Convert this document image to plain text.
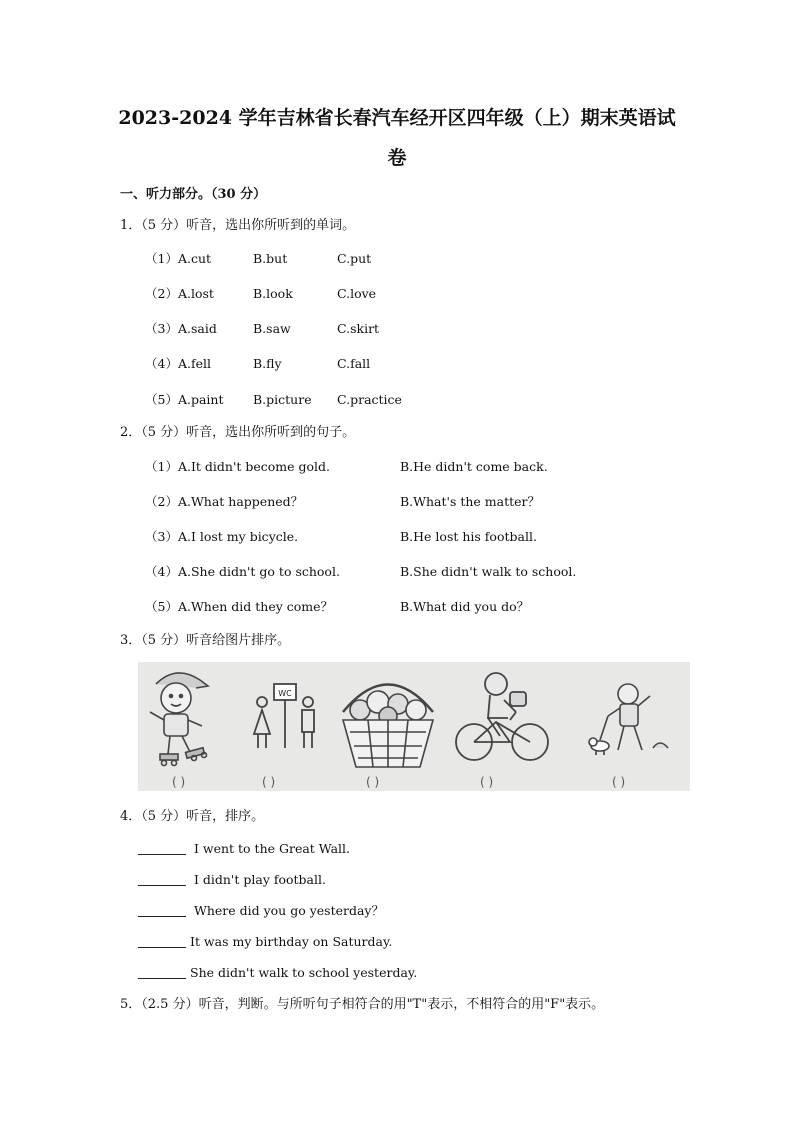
2023-2024 学年吉林省长春汽车经开区四年级（上）期末英语试
卷
一、听力部分。（30 分）
1．（5 分）听音，选出你所听到的单词。
（1）A.cut	B.but	C.put
（2）A.lost	B.look	C.love
（3）A.said	B.saw	C.skirt
（4）A.fell	B.fly	C.fall
（5）A.paint B.picture C.practice
2．（5 分）听音，选出你所听到的句子。
（1）A.It didn't become gold.	B.He didn't come back.
（2）A.What happened？	B.What's the matter？
（3）A.I lost my bicycle.	B.He lost his football.
（4）A.She didn't go to school.	B.She didn't walk to school.
（5）A.When did they come？	B.What did you do？
3．（5 分）听音给图片排序。
WC
( )	( )	( )	( )	( )
4．（5 分）听音，排序。
I went to the Great Wall.
I didn't play football.
Where did you go yesterday？
It was my birthday on Saturday.
She didn't walk to school yesterday.
5．（2.5 分）听音，判断。与所听句子相符合的用"T"表示，不相符合的用"F"表示。
